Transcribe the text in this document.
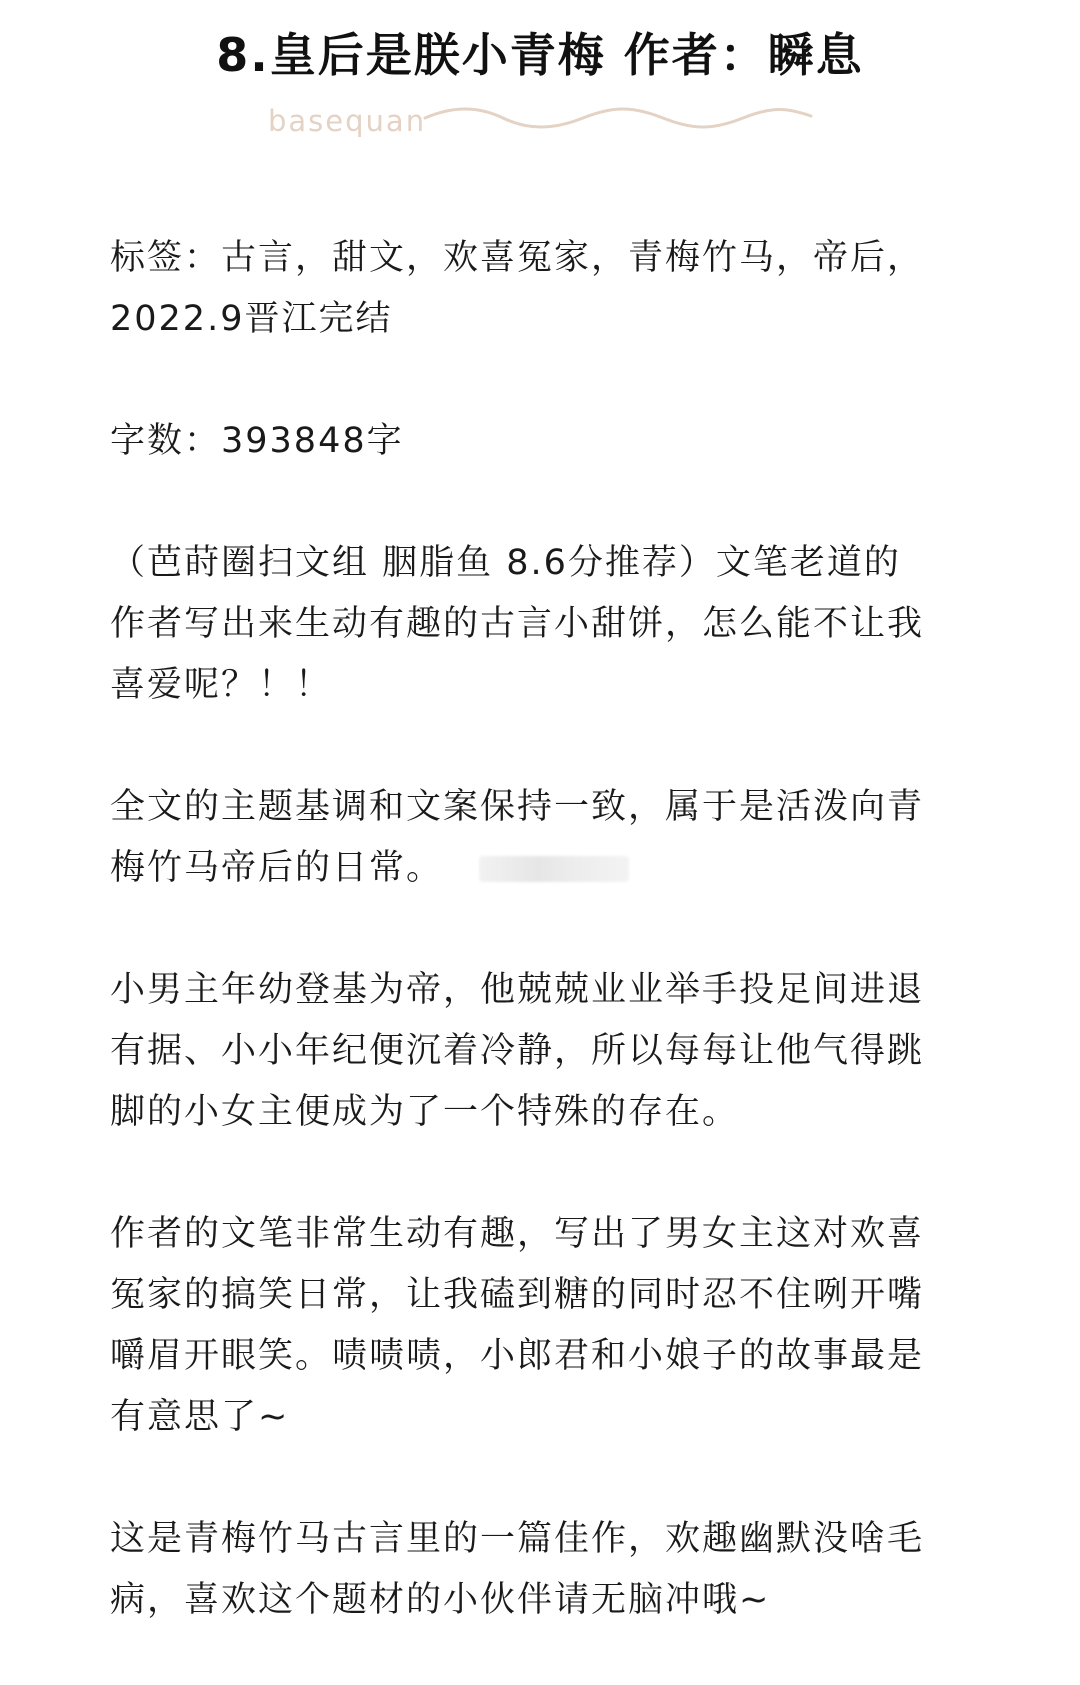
8.皇后是朕小青梅 作者：瞬息
basequan

标签：古言，甜文，欢喜冤家，青梅竹马，帝后，
2022.9晋江完结

字数：393848字

（芭莳圈扫文组 胭脂鱼 8.6分推荐）文笔老道的
作者写出来生动有趣的古言小甜饼，怎么能不让我
喜爱呢？！！

全文的主题基调和文案保持一致，属于是活泼向青
梅竹马帝后的日常。

小男主年幼登基为帝，他兢兢业业举手投足间进退
有据、小小年纪便沉着冷静，所以每每让他气得跳
脚的小女主便成为了一个特殊的存在。

作者的文笔非常生动有趣，写出了男女主这对欢喜
冤家的搞笑日常，让我磕到糖的同时忍不住咧开嘴
嚼眉开眼笑。啧啧啧，小郎君和小娘子的故事最是
有意思了~

这是青梅竹马古言里的一篇佳作，欢趣幽默没啥毛
病，喜欢这个题材的小伙伴请无脑冲哦~
